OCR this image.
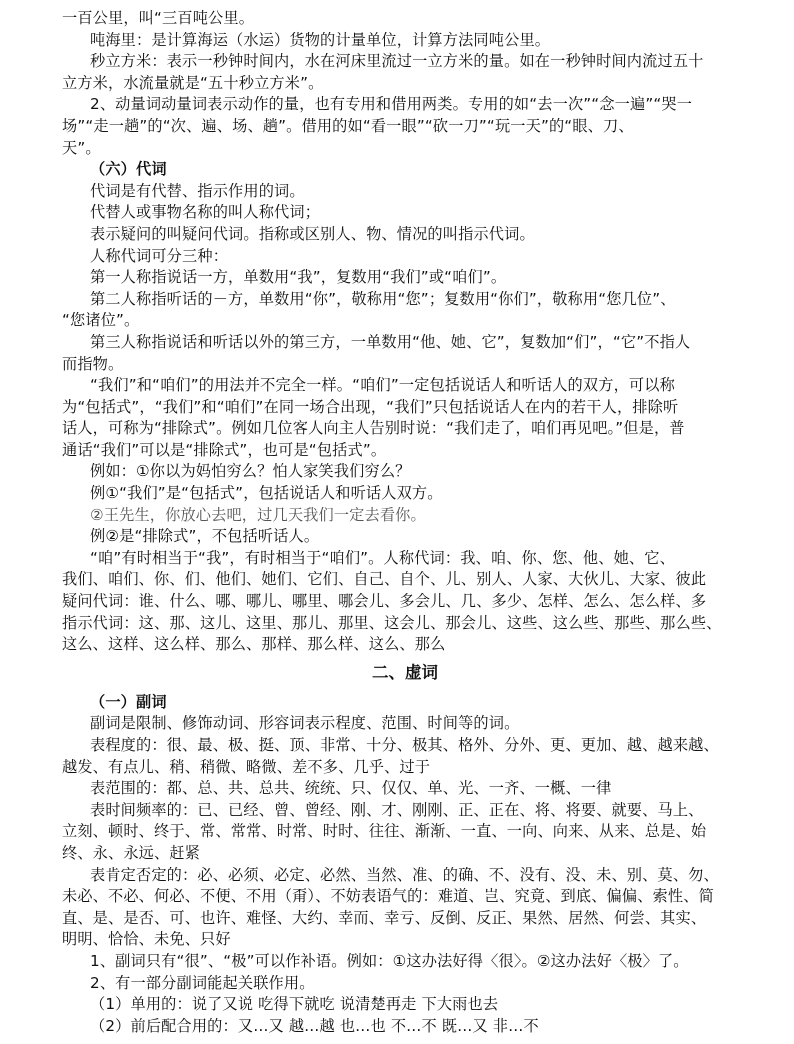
一百公里，叫“三百吨公里。
吨海里：是计算海运（水运）货物的计量单位，计算方法同吨公里。
秒立方米：表示一秒钟时间内，水在河床里流过一立方米的量。如在一秒钟时间内流过五十
立方米，水流量就是“五十秒立方米”。
2、动量词动量词表示动作的量，也有专用和借用两类。专用的如“去一次”“念一遍”“哭一
场”“走一趟”的“次、遍、场、趟”。借用的如“看一眼”“砍一刀”“玩一天”的“眼、刀、
天”。
（六）代词
代词是有代替、指示作用的词。
代替人或事物名称的叫人称代词；
表示疑问的叫疑问代词。指称或区别人、物、情况的叫指示代词。
人称代词可分三种：
第一人称指说话一方，单数用“我”，复数用“我们”或“咱们”。
第二人称指听话的－方，单数用“你”，敬称用“您”；复数用“你们”，敬称用“您几位”、
“您诸位”。
第三人称指说话和听话以外的第三方，一单数用“他、她、它”，复数加“们”，“它”不指人
而指物。
“我们”和“咱们”的用法并不完全一样。“咱们”一定包括说话人和听话人的双方，可以称
为“包括式”，“我们”和“咱们”在同一场合出现，“我们”只包括说话人在内的若干人，排除听
话人，可称为“排除式”。例如几位客人向主人告别时说：“我们走了，咱们再见吧。”但是，普
通话“我们”可以是“排除式”，也可是“包括式”。
例如：①你以为妈怕穷么？怕人家笑我们穷么？
例①“我们”是“包括式”，包括说话人和听话人双方。
②王先生，你放心去吧，过几天我们一定去看你。
例②是“排除式”，不包括听话人。
“咱”有时相当于“我”，有时相当于“咱们”。人称代词：我、咱、你、您、他、她、它、
我们、咱们、你、们、他们、她们、它们、自己、自个、儿、别人、人家、大伙儿、大家、彼此
疑问代词：谁、什么、哪、哪儿、哪里、哪会儿、多会儿、几、多少、怎样、怎么、怎么样、多
指示代词：这、那、这儿、这里、那儿、那里、这会儿、那会儿、这些、这么些、那些、那么些、
这么、这样、这么样、那么、那样、那么样、这么、那么
二、虚词
（一）副词
副词是限制、修饰动词、形容词表示程度、范围、时间等的词。
表程度的：很、最、极、挺、顶、非常、十分、极其、格外、分外、更、更加、越、越来越、
越发、有点儿、稍、稍微、略微、差不多、几乎、过于
表范围的：都、总、共、总共、统统、只、仅仅、单、光、一齐、一概、一律
表时间频率的：已、已经、曾、曾经、刚、才、刚刚、正、正在、将、将要、就要、马上、
立刻、顿时、终于、常、常常、时常、时时、往往、渐渐、一直、一向、向来、从来、总是、始
终、永、永远、赶紧
表肯定否定的：必、必须、必定、必然、当然、准、的确、不、没有、没、未、别、莫、勿、
未必、不必、何必、不便、不用（甭）、不妨表语气的：难道、岂、究竟、到底、偏偏、索性、简
直、是、是否、可、也许、难怪、大约、幸而、幸亏、反倒、反正、果然、居然、何尝、其实、
明明、恰恰、未免、只好
1、副词只有“很”、“极”可以作补语。例如：①这办法好得〈很〉。②这办法好〈极〉了。
2、有一部分副词能起关联作用。
（1）单用的：说了又说 吃得下就吃 说清楚再走 下大雨也去
（2）前后配合用的：又…又 越…越 也…也 不…不 既…又 非…不
